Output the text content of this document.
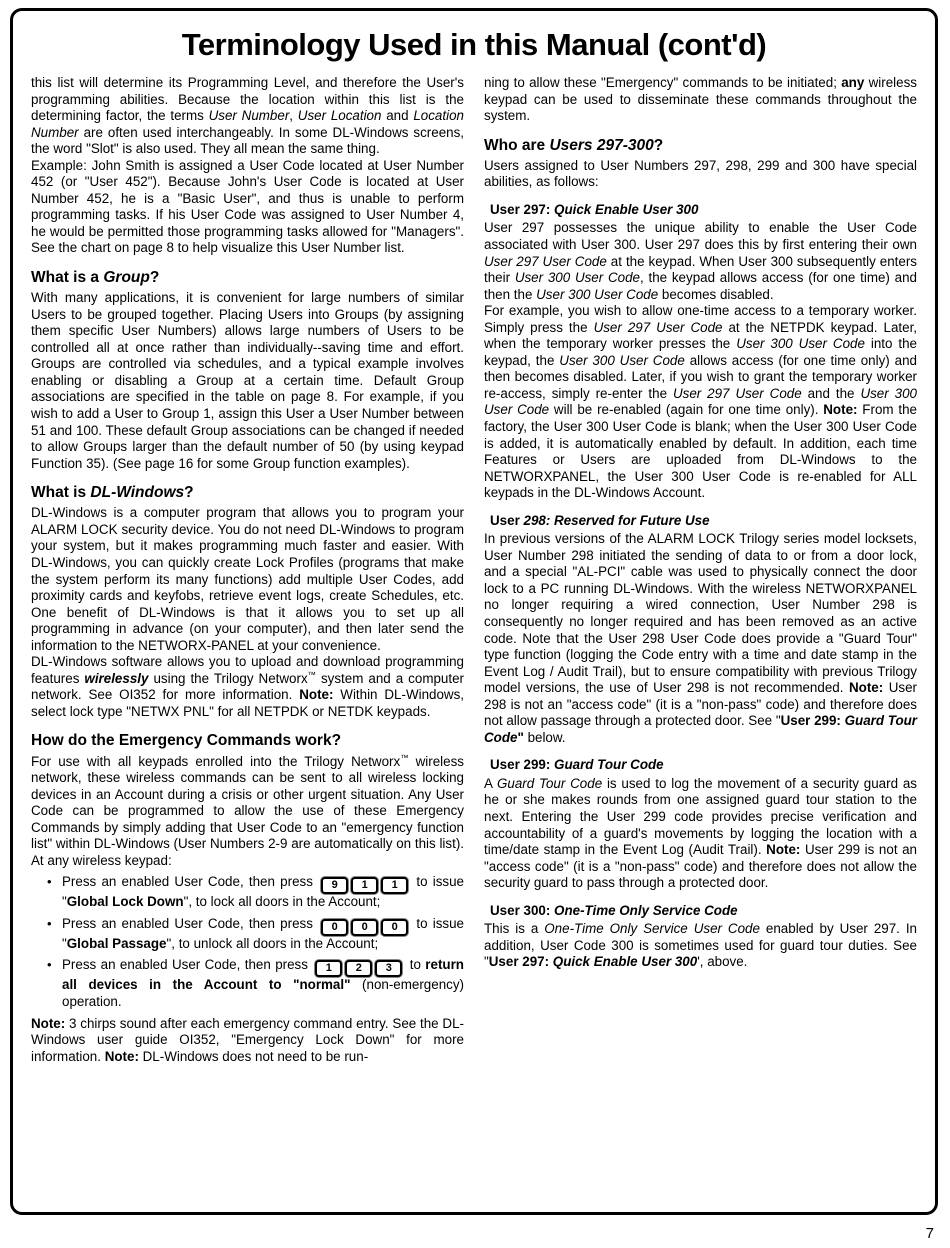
Terminology Used in this Manual (cont'd)

this list will determine its Programming Level, and therefore the User's programming abilities. Because the location within this list is the determining factor, the terms User Number, User Location and Location Number are often used interchangeably. In some DL-Windows screens, the word "Slot" is also used. They all mean the same thing.

Example: John Smith is assigned a User Code located at User Number 452 (or "User 452"). Because John's User Code is located at User Number 452, he is a "Basic User", and thus is unable to perform programming tasks. If his User Code was assigned to User Number 4, he would be permitted those programming tasks allowed for "Managers". See the chart on page 8 to help visualize this User Number list.

What is a Group?

With many applications, it is convenient for large numbers of similar Users to be grouped together. Placing Users into Groups (by assigning them specific User Numbers) allows large numbers of Users to be controlled all at once rather than individually--saving time and effort. Groups are controlled via schedules, and a typical example involves enabling or disabling a Group at a certain time. Default Group associations are specified in the table on page 8. For example, if you wish to add a User to Group 1, assign this User a User Number between 51 and 100. These default Group associations can be changed if needed to allow Groups larger than the default number of 50 (by using keypad Function 35). (See page 16 for some Group function examples).

What is DL-Windows?

DL-Windows is a computer program that allows you to program your ALARM LOCK security device. You do not need DL-Windows to program your system, but it makes programming much faster and easier. With DL-Windows, you can quickly create Lock Profiles (programs that make the system perform its many functions) add multiple User Codes, add proximity cards and keyfobs, retrieve event logs, create Schedules, etc. One benefit of DL-Windows is that it allows you to set up all programming in advance (on your computer), and then later send the information to the NETWORX-PANEL at your convenience.

DL-Windows software allows you to upload and download programming features wirelessly using the Trilogy Networx™ system and a computer network. See OI352 for more information. Note: Within DL-Windows, select lock type "NETWX PNL" for all NETPDK or NETDK keypads.

How do the Emergency Commands work?

For use with all keypads enrolled into the Trilogy Networx™ wireless network, these wireless commands can be sent to all wireless locking devices in an Account during a crisis or other urgent situation. Any User Code can be programmed to allow the use of these Emergency Commands by simply adding that User Code to an "emergency function list" within DL-Windows (User Numbers 2-9 are automatically on this list). At any wireless keypad:

• Press an enabled User Code, then press	9	1	1	to issue "Global Lock Down", to lock all doors in the Account;
• Press an enabled User Code, then press	0	0	0	to issue "Global Passage", to unlock all doors in the Account;
• Press an enabled User Code, then press	1	2	3	to return all devices in the Account to "normal" (non-emergency) operation.

Note: 3 chirps sound after each emergency command entry. See the DL-Windows user guide OI352, "Emergency Lock Down" for more information. Note: DL-Windows does not need to be run-

ning to allow these "Emergency" commands to be initiated; any wireless keypad can be used to disseminate these commands throughout the system.

Who are Users 297-300?

Users assigned to User Numbers 297, 298, 299 and 300 have special abilities, as follows:

User 297: Quick Enable User 300

User 297 possesses the unique ability to enable the User Code associated with User 300. User 297 does this by first entering their own User 297 User Code at the keypad. When User 300 subsequently enters their User 300 User Code, the keypad allows access (for one time) and then the User 300 User Code becomes disabled.

For example, you wish to allow one-time access to a temporary worker. Simply press the User 297 User Code at the NETPDK keypad. Later, when the temporary worker presses the User 300 User Code into the keypad, the User 300 User Code allows access (for one time only) and then becomes disabled. Later, if you wish to grant the temporary worker re-access, simply re-enter the User 297 User Code and the User 300 User Code will be re-enabled (again for one time only). Note: From the factory, the User 300 User Code is blank; when the User 300 User Code is added, it is automatically enabled by default. In addition, each time Features or Users are uploaded from DL-Windows to the NETWORXPANEL, the User 300 User Code is re-enabled for ALL keypads in the DL-Windows Account.

User 298: Reserved for Future Use

In previous versions of the ALARM LOCK Trilogy series model locksets, User Number 298 initiated the sending of data to or from a door lock, and a special "AL-PCI" cable was used to physically connect the door lock to a PC running DL-Windows. With the wireless NETWORXPANEL no longer requiring a wired connection, User Number 298 is consequently no longer required and has been removed as an active code. Note that the User 298 User Code does provide a "Guard Tour" type function (logging the Code entry with a time and date stamp in the Event Log / Audit Trail), but to ensure compatibility with previous Trilogy model versions, the use of User 298 is not recommended. Note: User 298 is not an "access code" (it is a "non-pass" code) and therefore does not allow passage through a protected door. See "User 299: Guard Tour Code" below.

User 299: Guard Tour Code

A Guard Tour Code is used to log the movement of a security guard as he or she makes rounds from one assigned guard tour station to the next. Entering the User 299 code provides precise verification and accountability of a guard's movements by logging the location with a time/date stamp in the Event Log (Audit Trail). Note: User 299 is not an "access code" (it is a "non-pass" code) and therefore does not allow the security guard to pass through a protected door.

User 300: One-Time Only Service Code

This is a One-Time Only Service User Code enabled by User 297. In addition, User Code 300 is sometimes used for guard tour duties. See "User 297: Quick Enable User 300', above.

7
